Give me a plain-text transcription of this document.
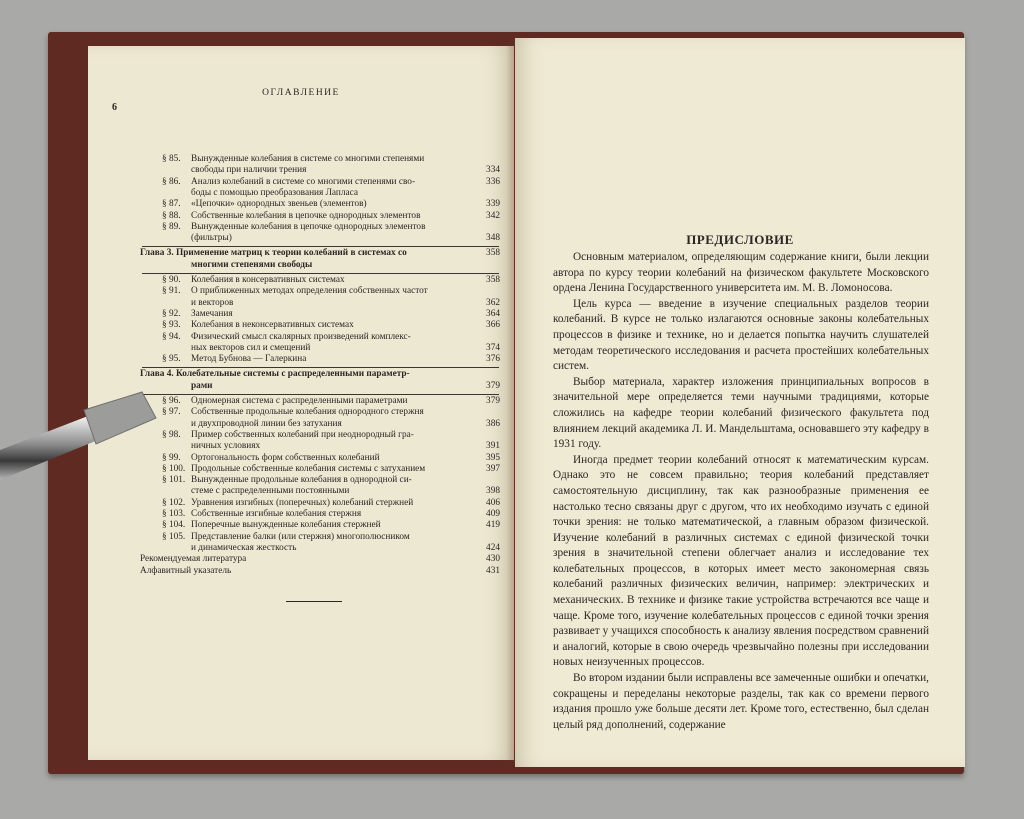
ОГЛАВЛЕНИЕ
6
§ 85. Вынужденные колебания в системе со многими степенями
свободы при наличии трения	334
§ 86. Анализ колебаний в системе со многими степенями сво-	336
боды с помощью преобразования Лапласа
§ 87. «Цепочки» однородных звеньев (элементов)	339
§ 88. Собственные колебания в цепочке однородных элементов	342
§ 89. Вынужденные колебания в цепочке однородных элементов
(фильтры)	348
Глава 3. Применение матриц к теории колебаний в системах со	358
многими степенями свободы
§ 90. Колебания в консервативных системах	358
§ 91. О приближенных методах определения собственных частот
и векторов	362
§ 92. Замечания	364
§ 93. Колебания в неконсервативных системах	366
§ 94. Физический смысл скалярных произведений комплекс-
ных векторов сил и смещений	374
§ 95. Метод Бубнова — Галеркина	376
Глава 4. Колебательные системы с распределенными параметр-
рами	379
§ 96. Одномерная система с распределенными параметрами	379
§ 97. Собственные продольные колебания однородного стержня
и двухпроводной линии без затухания	386
§ 98. Пример собственных колебаний при неоднородный гра-
ничных условиях	391
§ 99. Ортогональность форм собственных колебаний	395
§ 100. Продольные собственные колебания системы с затуханием	397
§ 101. Вынужденные продольные колебания в однородной си-
стеме с распределенными постоянными	398
§ 102. Уравнения изгибных (поперечных) колебаний стержней	406
§ 103. Собственные изгибные колебания стержня	409
§ 104. Поперечные вынужденные колебания стержней	419
§ 105. Представление балки (или стержня) многополюсником
и динамическая жесткость	424
Рекомендуемая литература	430
Алфавитный указатель	431
ПРЕДИСЛОВИЕ

Основным материалом, определяющим содержание книги, были лекции автора по курсу теории колебаний на физическом факультете Московского ордена Ленина Государственного университета им. М. В. Ломоносова.

Цель курса — введение в изучение специальных разделов теории колебаний. В курсе не только излагаются основные законы колебательных процессов в физике и технике, но и делается попытка научить слушателей методам теоретического исследования и расчета простейших колебательных систем.

Выбор материала, характер изложения принципиальных вопросов в значительной мере определяется теми научными традициями, которые сложились на кафедре теории колебаний физического факультета под влиянием лекций академика Л. И. Мандельштама, основавшего эту кафедру в 1931 году.

Иногда предмет теории колебаний относят к математическим курсам. Однако это не совсем правильно; теория колебаний представляет самостоятельную дисциплину, так как разнообразные применения ее настолько тесно связаны друг с другом, что их необходимо изучать с единой точки зрения: не только математической, а главным образом физической. Изучение колебаний в различных системах с единой физической точки зрения в значительной степени облегчает анализ и исследование тех колебательных процессов, в которых имеет место закономерная связь колебаний различных физических величин, например: электрических и механических. В технике и физике такие устройства встречаются все чаще и чаще. Кроме того, изучение колебательных процессов с единой точки зрения развивает у учащихся способность к анализу явления посредством сравнений и аналогий, которые в свою очередь чрезвычайно полезны при исследовании новых неизученных процессов.

Во втором издании были исправлены все замеченные ошибки и опечатки, сокращены и переделаны некоторые разделы, так как со времени первого издания прошло уже больше десяти лет. Кроме того, естественно, был сделан целый ряд дополнений, содержание
